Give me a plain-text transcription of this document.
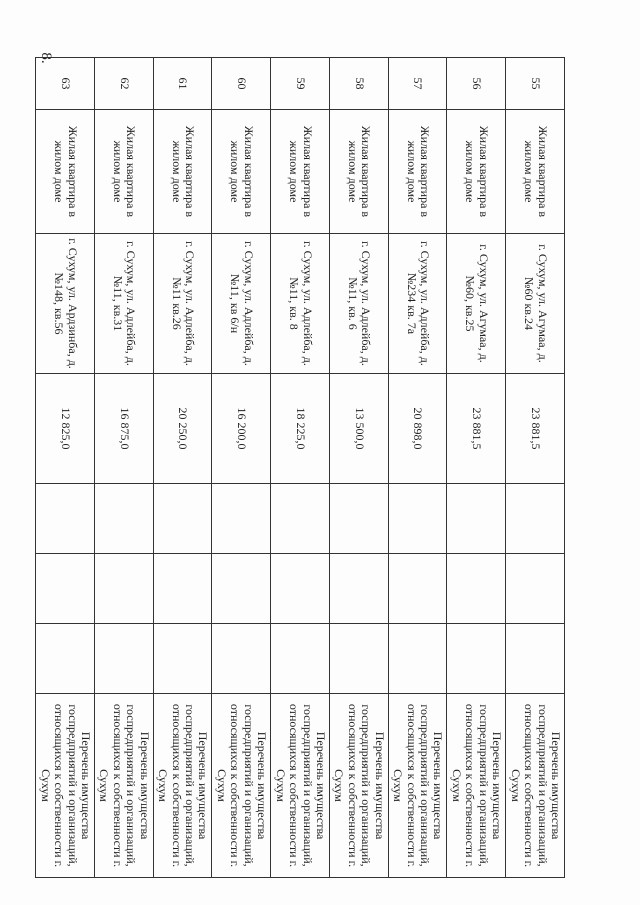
8.
55	Жилая квартира в жилом доме	г. Сухум, ул. Агумаа, д. №60 кв.24	23 881,5				Перечень имущества госпредприятий и организаций, относящихся к собственности г. Сухум
56	Жилая квартира в жилом доме	г. Сухум, ул. Агумаа, д. №60, кв.25	23 881,5				Перечень имущества госпредприятий и организаций, относящихся к собственности г. Сухум
57	Жилая квартира в жилом доме	г. Сухум, ул. Адлейба, д. №234 кв. 7а	20 898,0				Перечень имущества госпредприятий и организаций, относящихся к собственности г. Сухум
58	Жилая квартира в жилом доме	г. Сухум, ул. Адлейба, д. №11, кв. 6	13 500,0				Перечень имущества госпредприятий и организаций, относящихся к собственности г. Сухум
59	Жилая квартира в жилом доме	г. Сухум, ул. Адлейба, д. №11, кв. 8	18 225,0				Перечень имущества госпредприятий и организаций, относящихся к собственности г. Сухум
60	Жилая квартира в жилом доме	г. Сухум, ул. Адлейба, д. №11, кв 6/н	16 200,0				Перечень имущества госпредприятий и организаций, относящихся к собственности г. Сухум
61	Жилая квартира в жилом доме	г. Сухум, ул. Адлейба, д. №11 кв.26	20 250,0				Перечень имущества госпредприятий и организаций, относящихся к собственности г. Сухум
62	Жилая квартира в жилом доме	г. Сухум, ул. Адлейба, д. №11, кв.31	16 875,0				Перечень имущества госпредприятий и организаций, относящихся к собственности г. Сухум
63	Жилая квартира в жилом доме	г. Сухум, ул. Ардзинба, д. №148, кв.56	12 825,0				Перечень имущества госпредприятий и организаций, относящихся к собственности г. Сухум
